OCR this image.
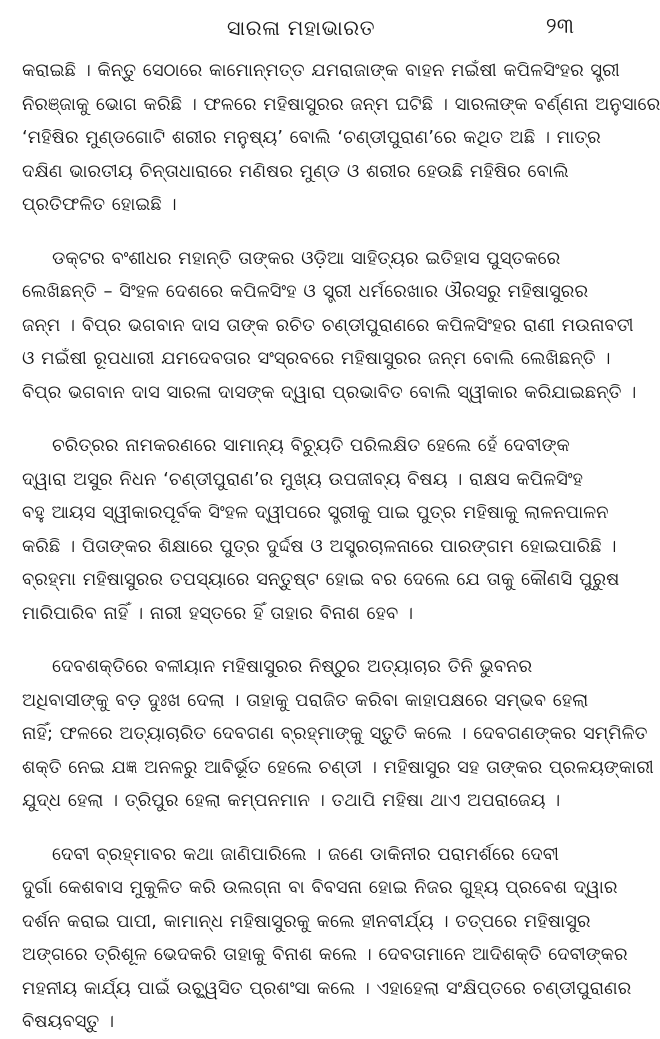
ସାରଳା ମହାଭାରତ	୨୩

କରାଇଛି । କିନ୍ତୁ ସେଠାରେ କାମୋନ୍ମତ୍ତ ଯମରାଜାଙ୍କ ବାହନ ମଇଁଷୀ କପିଳସିଂହର ସ୍ତ୍ରୀ
ନିରଞ୍ଜାକୁ ଭୋଗ କରିଛି । ଫଳରେ ମହିଷାସୁରର ଜନ୍ମ ଘଟିଛି । ସାରଳାଙ୍କ ବର୍ଣ୍ଣନା ଅନୁସାରେ
‘ମହିଷିର ମୁଣ୍ଡଗୋଟି ଶରୀର ମନୁଷ୍ୟ’ ବୋଲି ‘ଚଣ୍ଡୀପୁରାଣ’ରେ କଥିତ ଅଛି । ମାତ୍ର
ଦକ୍ଷିଣ ଭାରତୀୟ ଚିନ୍ତାଧାରାରେ ମଣିଷର ମୁଣ୍ଡ ଓ ଶରୀର ହେଉଛି ମହିଷିର ବୋଲି
ପ୍ରତିଫଳିତ ହୋଇଛି ।

ଡକ୍ଟର ବଂଶୀଧର ମହାନ୍ତି ତାଙ୍କର ଓଡ଼ିଆ ସାହିତ୍ୟର ଇତିହାସ ପୁସ୍ତକରେ
ଲେଖିଛନ୍ତି – ସିଂହଳ ଦେଶରେ କପିଳସିଂହ ଓ ସ୍ତ୍ରୀ ଧର୍ମରେଖାର ଔରସରୁ ମହିଷାସୁରର
ଜନ୍ମ । ବିପ୍ର ଭଗବାନ ଦାସ ତାଙ୍କ ରଚିତ ଚଣ୍ଡୀପୁରାଣରେ କପିଳସିଂହର ରାଣୀ ମଉନାବତୀ
ଓ ମଇଁଷୀ ରୂପଧାରୀ ଯମଦେବତାର ସଂସ୍ରବରେ ମହିଷାସୁରର ଜନ୍ମ ବୋଲି ଲେଖିଛନ୍ତି ।
ବିପ୍ର ଭଗବାନ ଦାସ ସାରଳା ଦାସଙ୍କ ଦ୍ୱାରା ପ୍ରଭାବିତ ବୋଲି ସ୍ୱୀକାର କରିଯାଇଛନ୍ତି ।

ଚରିତ୍ରର ନାମକରଣରେ ସାମାନ୍ୟ ବିଚ୍ୟୁତି ପରିଲକ୍ଷିତ ହେଲେ ହେଁ ଦେବୀଙ୍କ
ଦ୍ୱାରା ଅସୁର ନିଧନ ‘ଚଣ୍ଡୀପୁରାଣ’ର ମୁଖ୍ୟ ଉପଜୀବ୍ୟ ବିଷୟ । ରାକ୍ଷସ କପିଳସିଂହ
ବହୁ ଆୟସ ସ୍ୱୀକାରପୂର୍ବକ ସିଂହଳ ଦ୍ୱୀପରେ ସ୍ତ୍ରୀକୁ ପାଇ ପୁତ୍ର ମହିଷାକୁ ଲାଳନପାଳନ
କରିଛି । ପିତାଙ୍କର ଶିକ୍ଷାରେ ପୁତ୍ର ଦୁର୍ଦ୍ଦଷ ଓ ଅସ୍ତ୍ରଚାଳନାରେ ପାରଙ୍ଗମ ହୋଇପାରିଛି ।
ବ୍ରହ୍ମା ମହିଷାସୁରର ତପସ୍ୟାରେ ସନ୍ତୁଷ୍ଟ ହୋଇ ବର ଦେଲେ ଯେ ତାକୁ କୌଣସି ପୁରୁଷ
ମାରିପାରିବ ନାହିଁ । ନାରୀ ହସ୍ତରେ ହିଁ ତାହାର ବିନାଶ ହେବ ।

ଦେବଶକ୍ତିରେ ବଳୀୟାନ ମହିଷାସୁରର ନିଷ୍ଠୁର ଅତ୍ୟାଚାର ତିନି ଭୁବନର
ଅଧିବାସୀଙ୍କୁ ବଡ଼ ଦୁଃଖ ଦେଲା । ତାହାକୁ ପରାଜିତ କରିବା କାହାପକ୍ଷରେ ସମ୍ଭବ ହେଲା
ନାହିଁ; ଫଳରେ ଅତ୍ୟାଚାରିତ ଦେବଗଣ ବ୍ରହ୍ମାଙ୍କୁ ସ୍ତୁତି କଲେ । ଦେବଗଣଙ୍କର ସମ୍ମିଳିତ
ଶକ୍ତି ନେଇ ଯଜ୍ଞ ଅନଳରୁ ଆବିର୍ଭୂତ ହେଲେ ଚଣ୍ଡୀ । ମହିଷାସୁର ସହ ତାଙ୍କର ପ୍ରଳୟଙ୍କାରୀ
ଯୁଦ୍ଧ ହେଲା । ତ୍ରିପୁର ହେଲା କମ୍ପନମାନ । ତଥାପି ମହିଷା ଥାଏ ଅପରାଜେୟ ।

ଦେବୀ ବ୍ରହ୍ମାବର କଥା ଜାଣିପାରିଲେ । ଜଣେ ଡାକିନୀର ପରାମର୍ଶରେ ଦେବୀ
ଦୁର୍ଗା କେଶବାସ ମୁକୁଳିତ କରି ଉଲଗ୍ନା ବା ବିବସନା ହୋଇ ନିଜର ଗୁହ୍ୟ ପ୍ରବେଶ ଦ୍ୱାର
ଦର୍ଶନ କରାଇ ପାପୀ, କାମାନ୍ଧ ମହିଷାସୁରକୁ କଲେ ହୀନବୀର୍ଯ୍ୟ । ତତ୍ପରେ ମହିଷାସୁର
ଅଙ୍ଗରେ ତ୍ରିଶୂଳ ଭେଦକରି ତାହାକୁ ବିନାଶ କଲେ । ଦେବତାମାନେ ଆଦିଶକ୍ତି ଦେବୀଙ୍କର
ମହନୀୟ କାର୍ଯ୍ୟ ପାଇଁ ଉଚ୍ଛ୍ୱସିତ ପ୍ରଶଂସା କଲେ । ଏହାହେଲା ସଂକ୍ଷିପ୍ତରେ ଚଣ୍ଡୀପୁରାଣର
ବିଷୟବସ୍ତୁ ।
